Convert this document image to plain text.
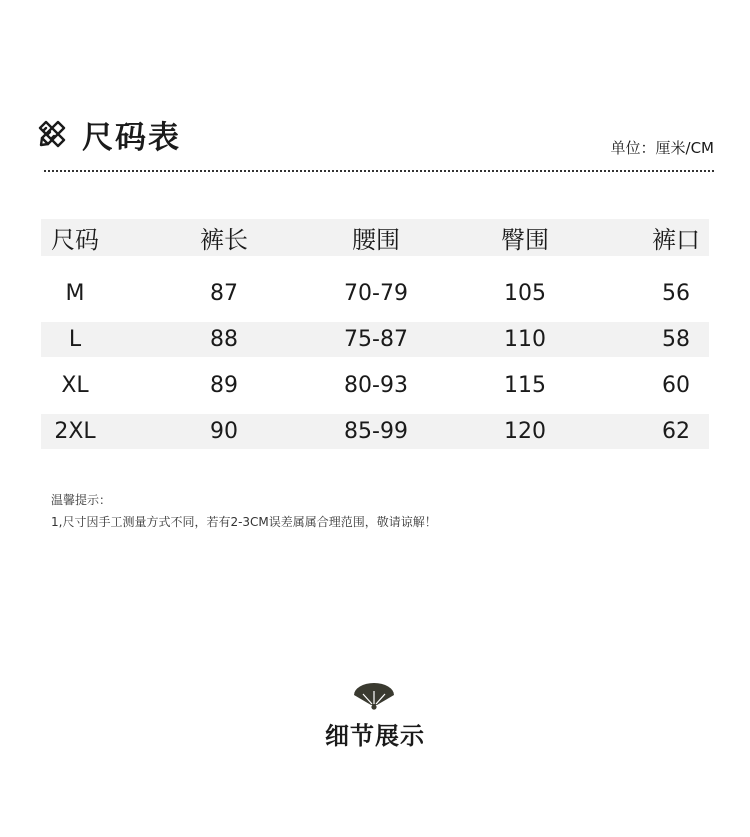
尺码表	单位：厘米/CM
尺码	裤长	腰围	臀围	裤口
M	87	70-79	105	56
L	88	75-87	110	58
XL	89	80-93	115	60
2XL	90	85-99	120	62
温馨提示：
1,尺寸因手工测量方式不同，若有2-3CM误差属属合理范围，敬请谅解！
细节展示
